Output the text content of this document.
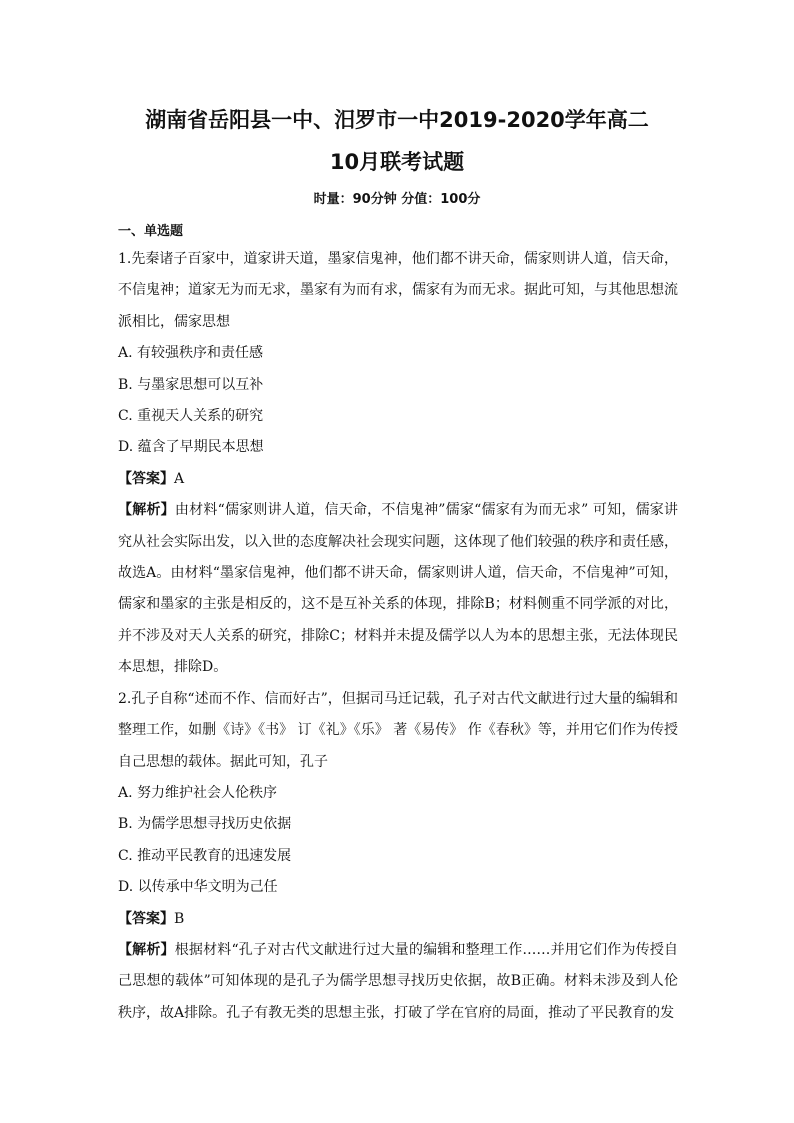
湖南省岳阳县一中、汨罗市一中2019-2020学年高二
10月联考试题
时量：90分钟 分值：100分
一、单选题

1.先秦诸子百家中，道家讲天道，墨家信鬼神，他们都不讲天命，儒家则讲人道，信天命，不信鬼神；道家无为而无求，墨家有为而有求，儒家有为而无求。据此可知，与其他思想流派相比，儒家思想

A. 有较强秩序和责任感

B. 与墨家思想可以互补

C. 重视天人关系的研究

D. 蕴含了早期民本思想

【答案】A

【解析】由材料“儒家则讲人道，信天命，不信鬼神”儒家“儒家有为而无求” 可知，儒家讲究从社会实际出发，以入世的态度解决社会现实问题，这体现了他们较强的秩序和责任感，故选A。由材料“墨家信鬼神，他们都不讲天命，儒家则讲人道，信天命，不信鬼神”可知，儒家和墨家的主张是相反的，这不是互补关系的体现，排除B；材料侧重不同学派的对比，并不涉及对天人关系的研究，排除C；材料并未提及儒学以人为本的思想主张，无法体现民本思想，排除D。

2.孔子自称“述而不作、信而好古”，但据司马迁记载，孔子对古代文献进行过大量的编辑和整理工作，如删《诗》《书》 订《礼》《乐》 著《易传》 作《春秋》等，并用它们作为传授自己思想的载体。据此可知，孔子

A. 努力维护社会人伦秩序

B. 为儒学思想寻找历史依据

C. 推动平民教育的迅速发展

D. 以传承中华文明为己任

【答案】B

【解析】根据材料“孔子对古代文献进行过大量的编辑和整理工作……并用它们作为传授自己思想的载体”可知体现的是孔子为儒学思想寻找历史依据，故B正确。材料未涉及到人伦秩序，故A排除。孔子有教无类的思想主张，打破了学在官府的局面，推动了平民教育的发
